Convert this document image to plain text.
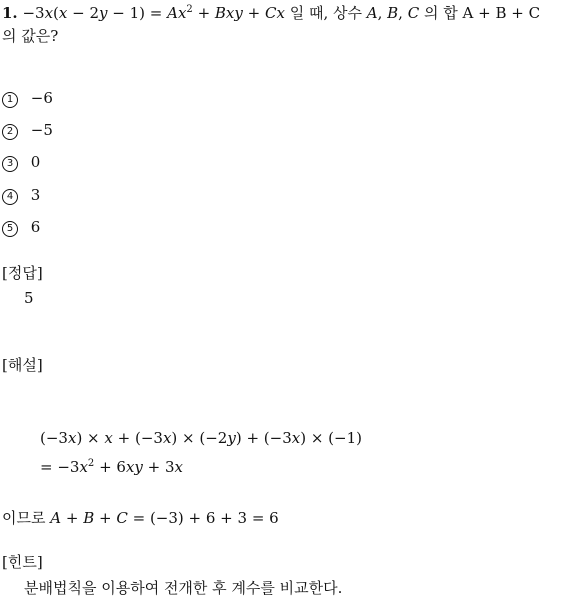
1. $-3x(x - 2y - 1) = Ax^2$ + Bxy + Cx 일 때, 상수 A, B, C 의 합 A + B + C
의 값은?
1 −6
2 −5
3 0
4 3
5 6
[정답]
5
[해설]
(−3x) × x + (−3x) × (−2y) + (−3x) × (−1)
= $-3x^2 + 6xy + 3x$
이므로 A + B + C = (−3) + 6 + 3 = 6
[힌트]
분배법칙을 이용하여 전개한 후 계수를 비교한다.
